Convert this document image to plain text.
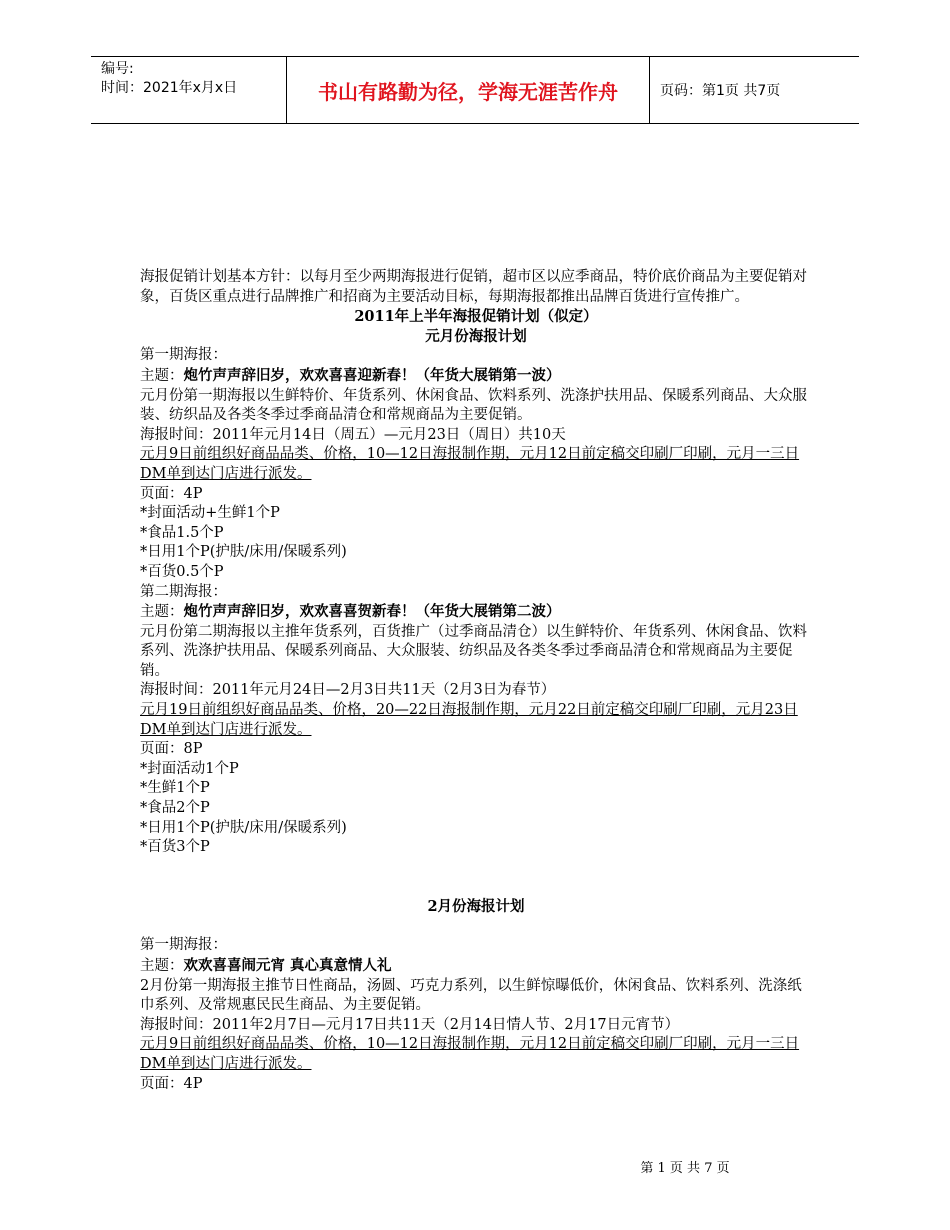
编号:
时间：2021年x月x日	书山有路勤为径，学海无涯苦作舟	页码：第1页 共7页

海报促销计划基本方针：以每月至少两期海报进行促销，超市区以应季商品，特价底价商品为主要促销对象，百货区重点进行品牌推广和招商为主要活动目标，每期海报都推出品牌百货进行宣传推广。

2011年上半年海报促销计划（似定）

元月份海报计划

第一期海报：

主题：炮竹声声辞旧岁，欢欢喜喜迎新春！（年货大展销第一波）

元月份第一期海报以生鲜特价、年货系列、休闲食品、饮料系列、洗涤护扶用品、保暖系列商品、大众服装、纺织品及各类冬季过季商品清仓和常规商品为主要促销。

海报时间：2011年元月14日（周五）—元月23日（周日）共10天

元月9日前组织好商品品类、价格，10—12日海报制作期，元月12日前定稿交印刷厂印刷，元月一三日DM单到达门店进行派发。

页面：4P

*封面活动+生鲜1个P

*食品1.5个P

*日用1个P(护肤/床用/保暖系列)

*百货0.5个P

第二期海报：

主题：炮竹声声辞旧岁，欢欢喜喜贺新春！（年货大展销第二波）

元月份第二期海报以主推年货系列，百货推广（过季商品清仓）以生鲜特价、年货系列、休闲食品、饮料系列、洗涤护扶用品、保暖系列商品、大众服装、纺织品及各类冬季过季商品清仓和常规商品为主要促销。

海报时间：2011年元月24日—2月3日共11天（2月3日为春节）

元月19日前组织好商品品类、价格，20—22日海报制作期，元月22日前定稿交印刷厂印刷，元月23日DM单到达门店进行派发。

页面：8P

*封面活动1个P

*生鲜1个P

*食品2个P

*日用1个P(护肤/床用/保暖系列)

*百货3个P

2月份海报计划

第一期海报：

主题：欢欢喜喜闹元宵 真心真意情人礼

2月份第一期海报主推节日性商品，汤圆、巧克力系列，以生鲜惊曝低价，休闲食品、饮料系列、洗涤纸巾系列、及常规惠民民生商品、为主要促销。

海报时间：2011年2月7日—元月17日共11天（2月14日情人节、2月17日元宵节）

元月9日前组织好商品品类、价格，10—12日海报制作期，元月12日前定稿交印刷厂印刷，元月一三日DM单到达门店进行派发。

页面：4P

第 1 页 共 7 页
